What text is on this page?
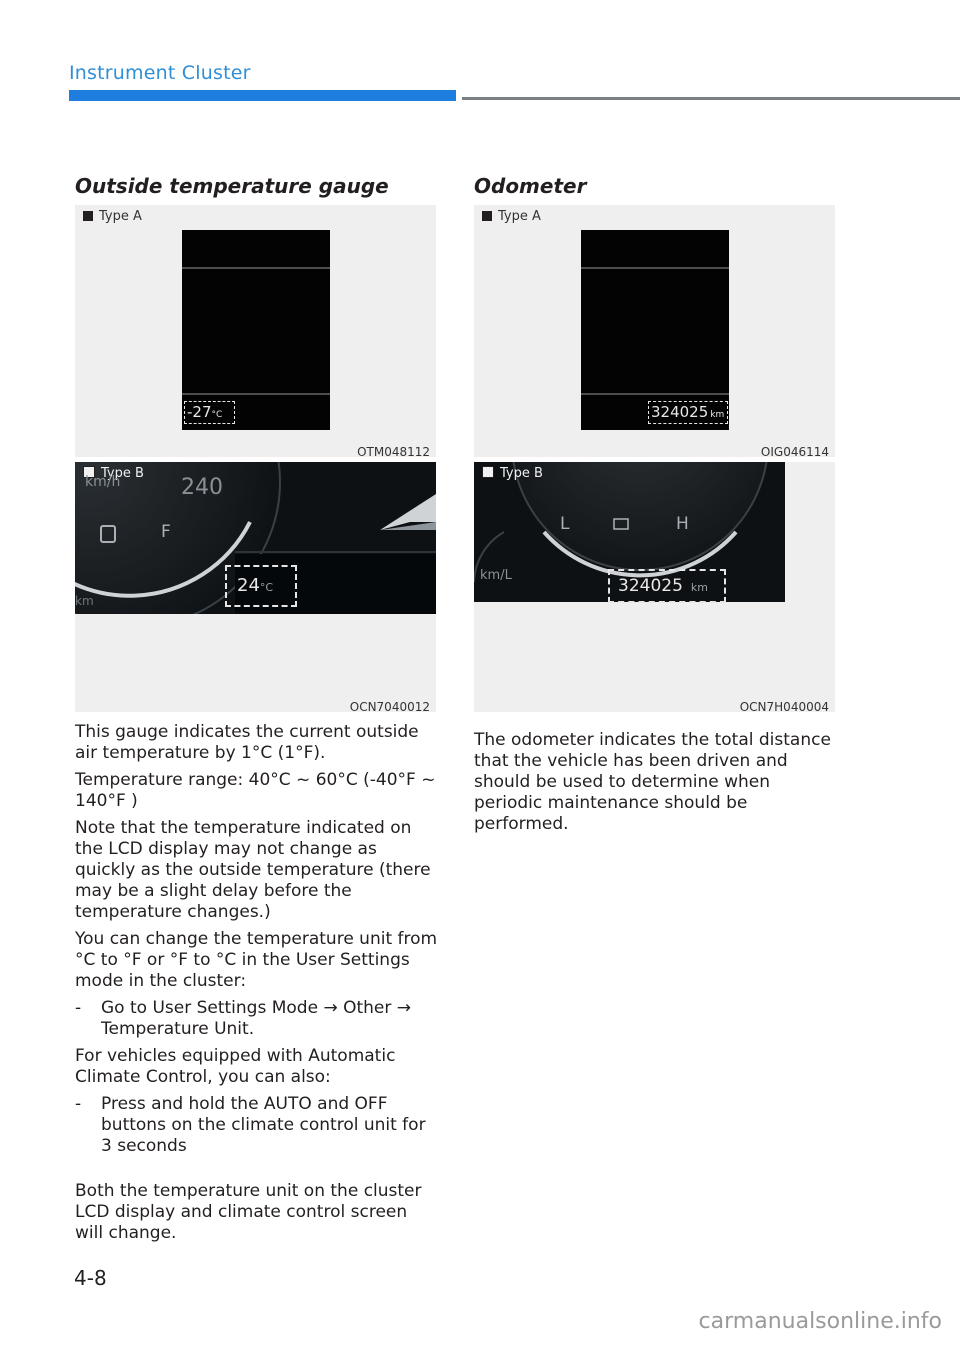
Instrument Cluster
Outside temperature gauge
Type A
-27°C
OTM048112
Type B
km/h	240
F
km
24°C
OCN7040012

This gauge indicates the current outside air temperature by 1°C (1°F).

Temperature range: 40°C ~ 60°C (-40°F ~ 140°F )

Note that the temperature indicated on the LCD display may not change as quickly as the outside temperature (there may be a slight delay before the temperature changes.)

You can change the temperature unit from °C to °F or °F to °C in the User Settings mode in the cluster:

-	Go to User Settings Mode → Other → Temperature Unit.

For vehicles equipped with Automatic Climate Control, you can also:

-	Press and hold the AUTO and OFF buttons on the climate control unit for 3 seconds

Both the temperature unit on the cluster LCD display and climate control screen will change.

Odometer
Type A
324025 km
OIG046114
Type B
L	H
km/L
324025 km
OCN7H040004

The odometer indicates the total distance that the vehicle has been driven and should be used to determine when periodic maintenance should be performed.

4-8
carmanualsonline.info
